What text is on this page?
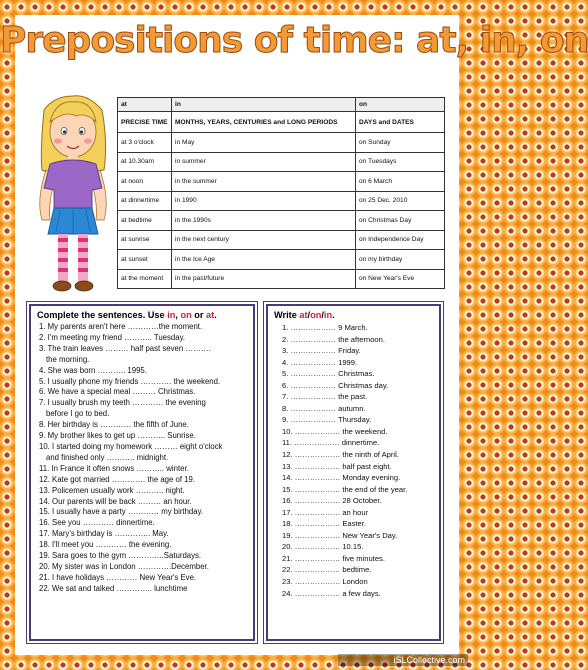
Prepositions of time: at, in, on
at	in	on
PRECISE TIME	MONTHS, YEARS, CENTURIES and LONG PERIODS	DAYS and DATES
at 3 o'clock	in May	on Sunday
at 10.30am	in summer	on Tuesdays
at noon	in the summer	on 6 March
at dinnertime	in 1990	on 25 Dec. 2010
at bedtime	in the 1990s	on Christmas Day
at sunrise	in the next century	on Independence Day
at sunset	in the Ice Age	on my birthday
at the moment	in the past/future	on New Year's Eve
Complete the sentences. Use in, on or at.
1. My parents aren't here …………the moment.
2. I'm meeting my friend ……….. Tuesday.
3. The train leaves ……… half past seven ……….
the morning.
4. She was born ……….. 1995.
5. I usually phone my friends ………… the weekend.
6. We have a special meal ……… Christmas.
7. I usually brush my teeth ………… the evening
before I go to bed.
8. Her birthday is ………… the fifth of June.
9. My brother likes to get up ……….. Sunrise.
10. I started doing my homework ……… eight o'clock
and finished only ……….. midnight.
11. In France it often snows ……….. winter.
12. Kate got married …………. the age of 19.
13. Policemen usually work ……….. night.
14. Our parents will be back ……… an hour.
15. I usually have a party ………… my birthday.
16. See you ………… dinnertime.
17. Mary's birthday is ………….. May.
18. I'll meet you ………… the evening.
19. Sara goes to the gym …………..Saturdays.
20. My sister was in London ………….December.
21. I have holidays ………… New Year's Eve.
22. We sat and talked ………….. lunchtime
Write at/on/in.
1. ……………… 9 March.
2. ……………… the afternoon.
3. ……………… Friday.
4. ……………… 1999.
5. ……………… Christmas.
6. ……………… Christmas day.
7. ……………… the past.
8. ……………… autumn.
9. ……………… Thursday.
10. ……………… the weekend.
11. ……………… dinnertime.
12. ……………… the ninth of April.
13. ……………… half past eight.
14. ……………… Monday evening.
15. ……………… the end of the year.
16. ……………… 28 October.
17. ……………… an hour
18. ……………… Easter.
19. ……………… New Year's Day.
20. ……………… 10.15.
21. ……………… five minutes.
22. ……………… bedtime.
23. ……………… London
24. ……………… a few days.
iSLCollective.com
